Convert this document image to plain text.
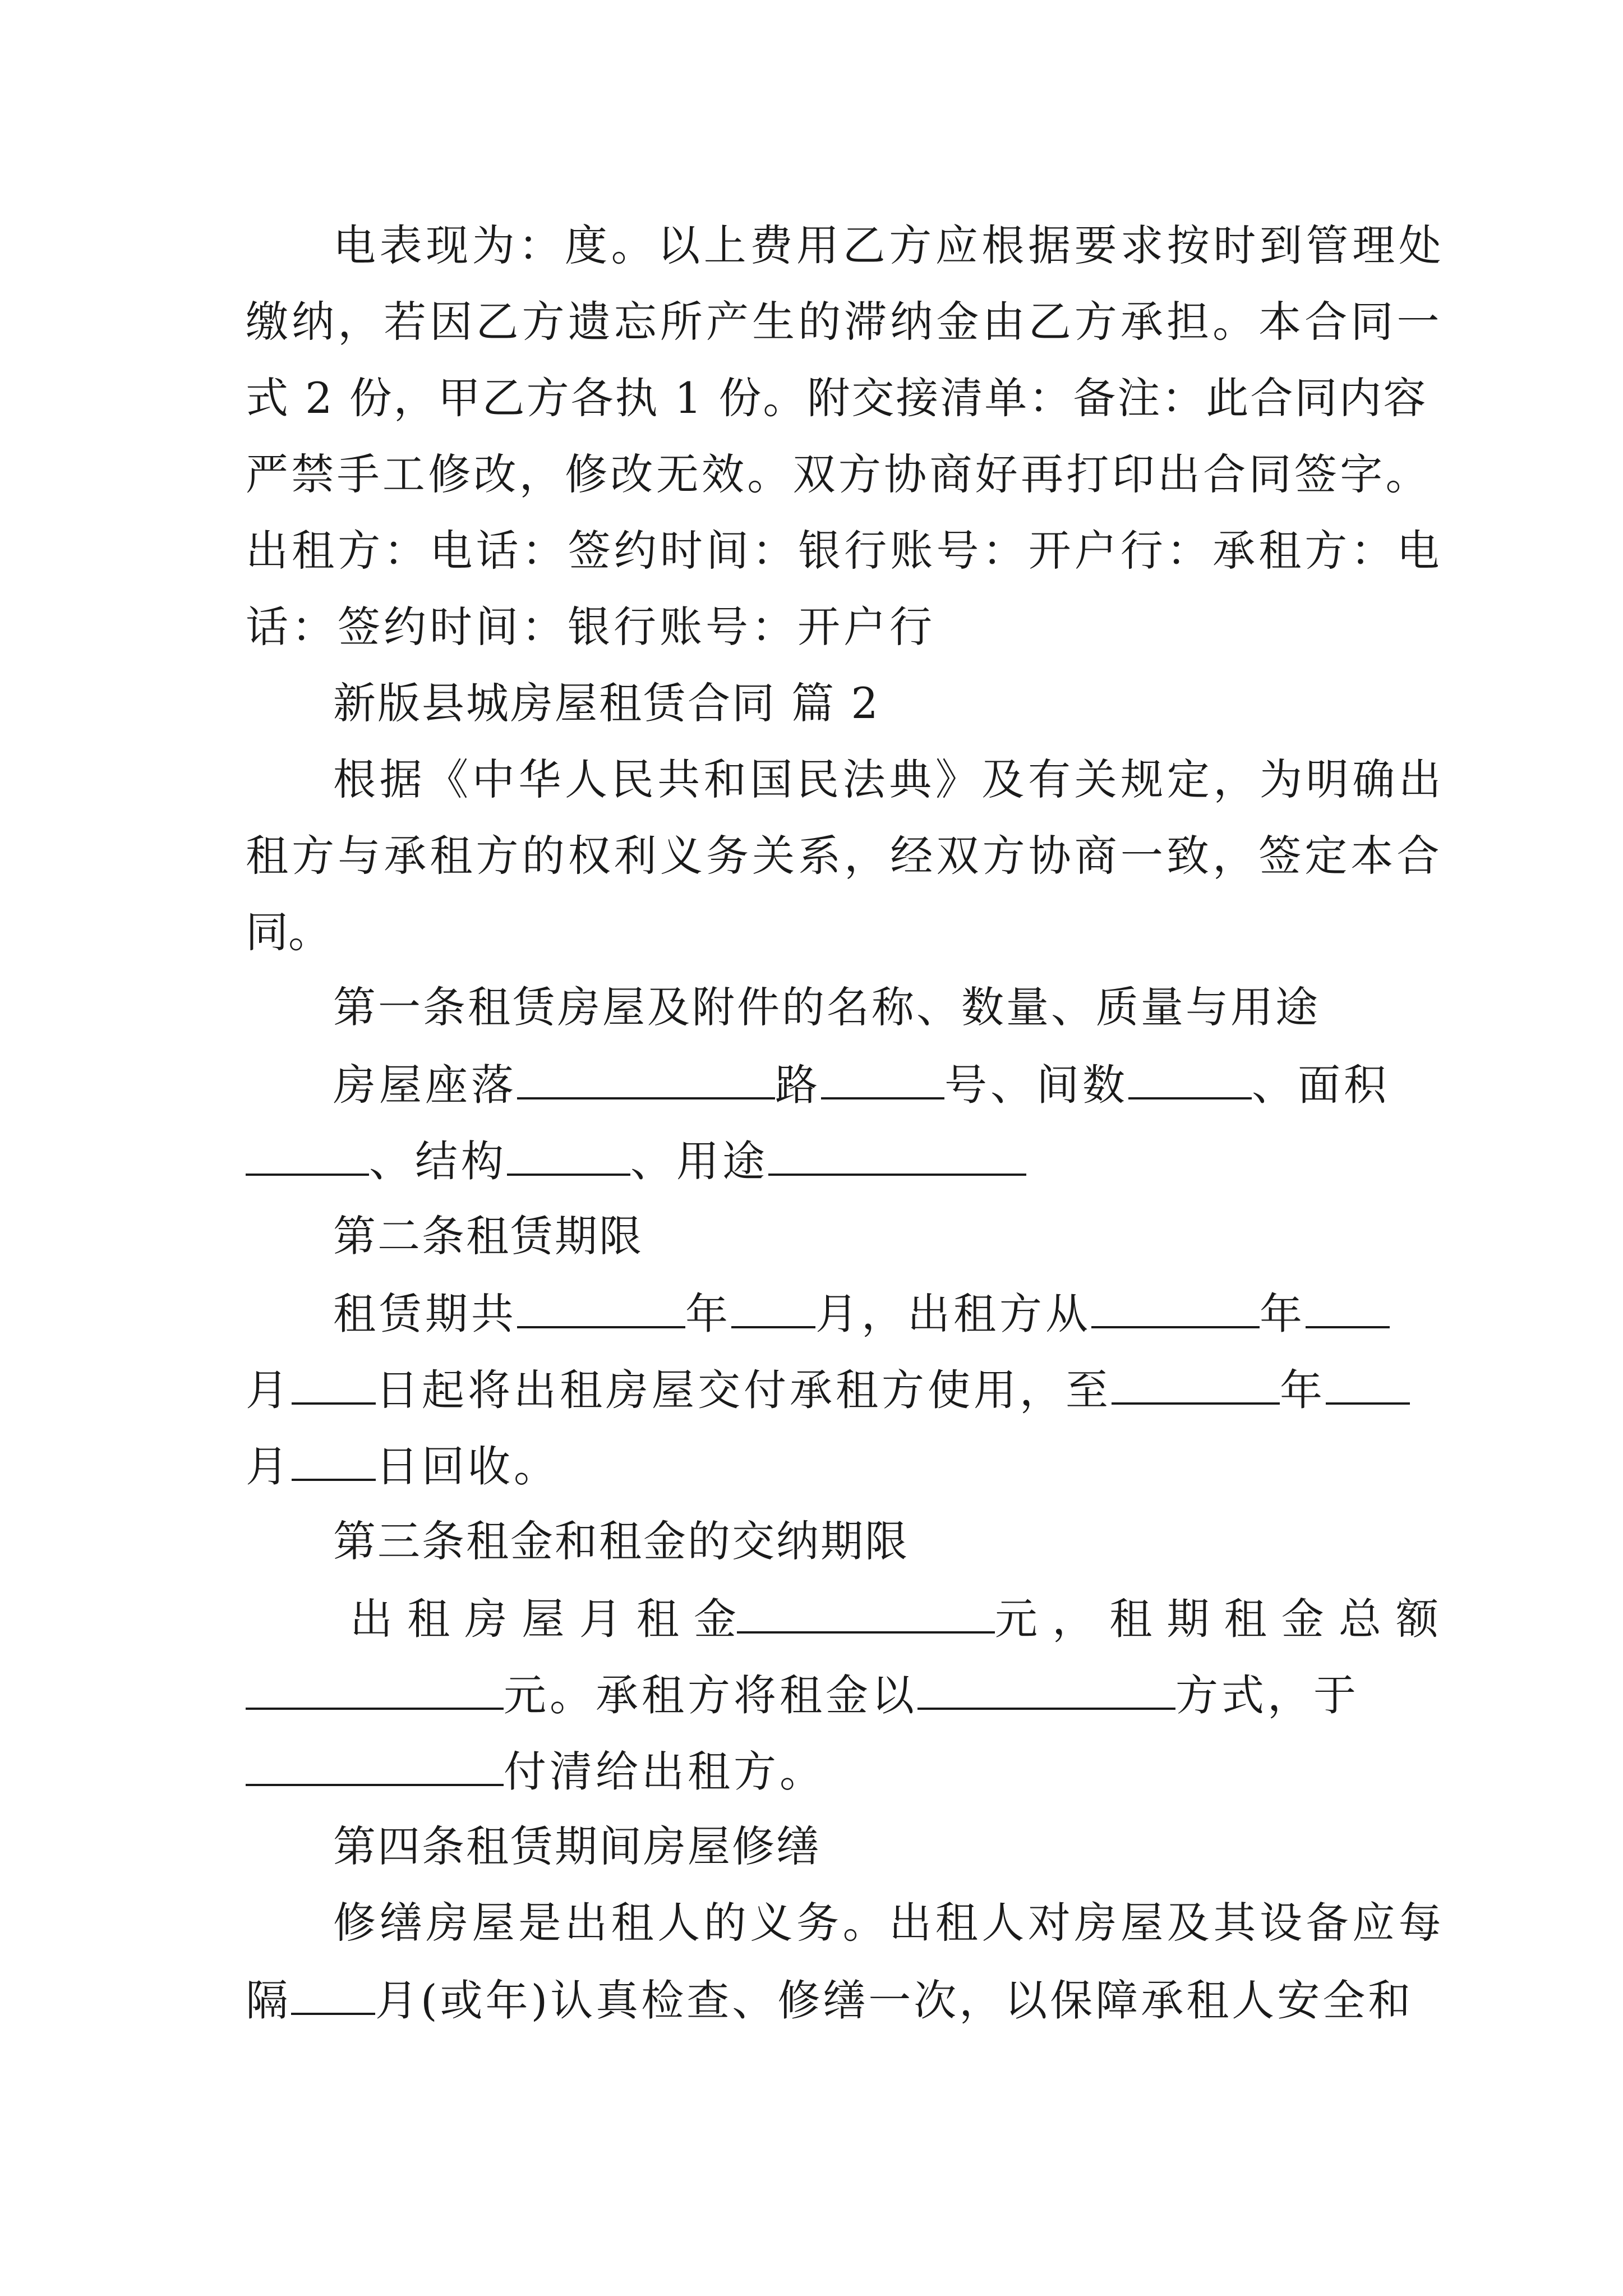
电表现为：度。以上费用乙方应根据要求按时到管理处
缴纳，若因乙方遗忘所产生的滞纳金由乙方承担。本合同一
式 2 份，甲乙方各执 1 份。附交接清单：备注：此合同内容
严禁手工修改，修改无效。双方协商好再打印出合同签字。
出租方：电话：签约时间：银行账号：开户行：承租方：电
话：签约时间：银行账号：开户行
新版县城房屋租赁合同 篇 2
根据《中华人民共和国民法典》及有关规定，为明确出
租方与承租方的权利义务关系，经双方协商一致，签定本合
同。
第一条租赁房屋及附件的名称、数量、质量与用途
房屋座落	路	号、间数	、面积
、结构	、用途
第二条租赁期限
租赁期共	年 月，出租方从	年
月 日起将出租房屋交付承租方使用，至	年
月 日回收。
第三条租金和租金的交纳期限
出 租 房 屋 月 租 金	元 ， 租 期 租 金 总 额
元。承租方将租金以	方式，于
付清给出租方。
第四条租赁期间房屋修缮
修缮房屋是出租人的义务。出租人对房屋及其设备应每
隔 月(或年)认真检查、修缮一次，以保障承租人安全和
